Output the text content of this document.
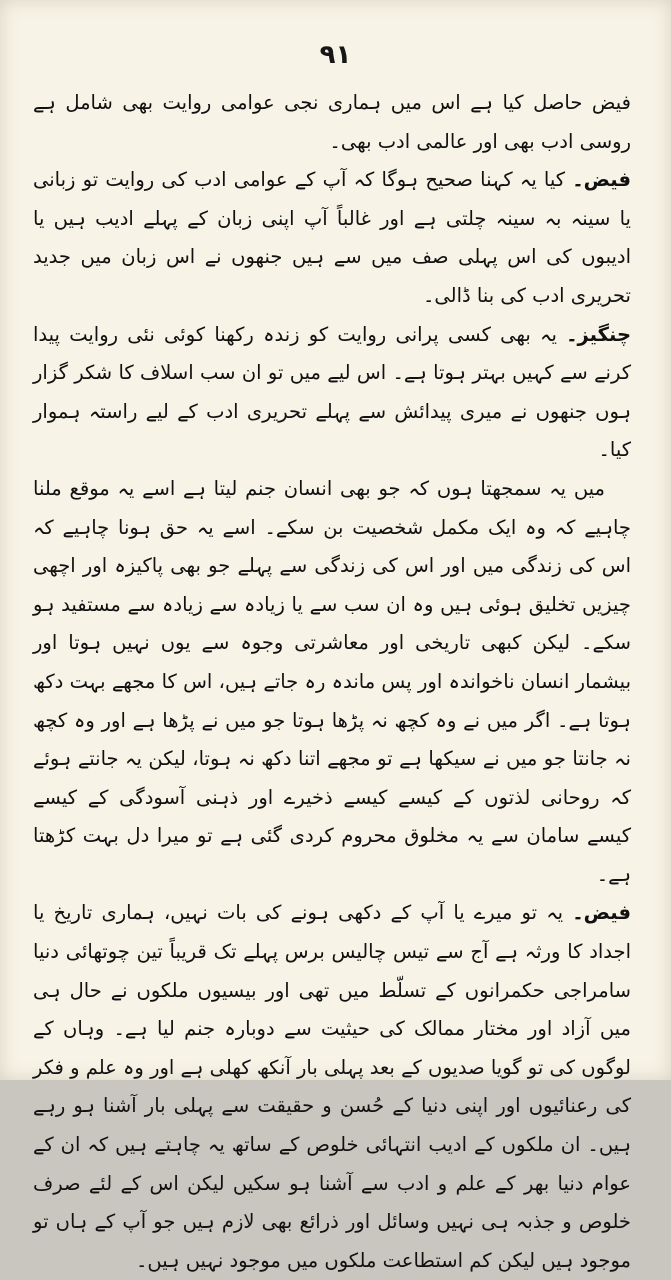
٩١

فیض حاصل کیا ہے اس میں ہماری نجی عوامی روایت بھی شامل ہے روسی ادب بھی اور عالمی ادب بھی۔

فیض۔ کیا یہ کہنا صحیح ہوگا کہ آپ کے عوامی ادب کی روایت تو زبانی یا سینہ بہ سینہ چلتی ہے اور غالباً آپ اپنی زبان کے پہلے ادیب ہیں یا ادیبوں کی اس پہلی صف میں سے ہیں جنھوں نے اس زبان میں جدید تحریری ادب کی بنا ڈالی۔

چنگیز۔ یہ بھی کسی پرانی روایت کو زندہ رکھنا کوئی نئی روایت پیدا کرنے سے کہیں بہتر ہوتا ہے۔ اس لیے میں تو ان سب اسلاف کا شکر گزار ہوں جنھوں نے میری پیدائش سے پہلے تحریری ادب کے لیے راستہ ہموار کیا۔

میں یہ سمجھتا ہوں کہ جو بھی انسان جنم لیتا ہے اسے یہ موقع ملنا چاہیے کہ وہ ایک مکمل شخصیت بن سکے۔ اسے یہ حق ہونا چاہیے کہ اس کی زندگی میں اور اس کی زندگی سے پہلے جو بھی پاکیزہ اور اچھی چیزیں تخلیق ہوئی ہیں وہ ان سب سے یا زیادہ سے زیادہ سے مستفید ہو سکے۔ لیکن کبھی تاریخی اور معاشرتی وجوہ سے یوں نہیں ہوتا اور بیشمار انسان ناخواندہ اور پس ماندہ رہ جاتے ہیں، اس کا مجھے بہت دکھ ہوتا ہے۔ اگر میں نے وہ کچھ نہ پڑھا ہوتا جو میں نے پڑھا ہے اور وہ کچھ نہ جانتا جو میں نے سیکھا ہے تو مجھے اتنا دکھ نہ ہوتا، لیکن یہ جانتے ہوئے کہ روحانی لذتوں کے کیسے کیسے ذخیرے اور ذہنی آسودگی کے کیسے کیسے سامان سے یہ مخلوق محروم کردی گئی ہے تو میرا دل بہت کڑھتا ہے۔

فیض۔ یہ تو میرے یا آپ کے دکھی ہونے کی بات نہیں، ہماری تاریخ یا اجداد کا ورثہ ہے آج سے تیس چالیس برس پہلے تک قریباً تین چوتھائی دنیا سامراجی حکمرانوں کے تسلّط میں تھی اور بیسیوں ملکوں نے حال ہی میں آزاد اور مختار ممالک کی حیثیت سے دوبارہ جنم لیا ہے۔ وہاں کے لوگوں کی تو گویا صدیوں کے بعد پہلی بار آنکھ کھلی ہے اور وہ علم و فکر کی رعنائیوں اور اپنی دنیا کے حُسن و حقیقت سے پہلی بار آشنا ہو رہے ہیں۔ ان ملکوں کے ادیب انتہائی خلوص کے ساتھ یہ چاہتے ہیں کہ ان کے عوام دنیا بھر کے علم و ادب سے آشنا ہو سکیں لیکن اس کے لئے صرف خلوص و جذبہ ہی نہیں وسائل اور ذرائع بھی لازم ہیں جو آپ کے ہاں تو موجود ہیں لیکن کم استطاعت ملکوں میں موجود نہیں ہیں۔
